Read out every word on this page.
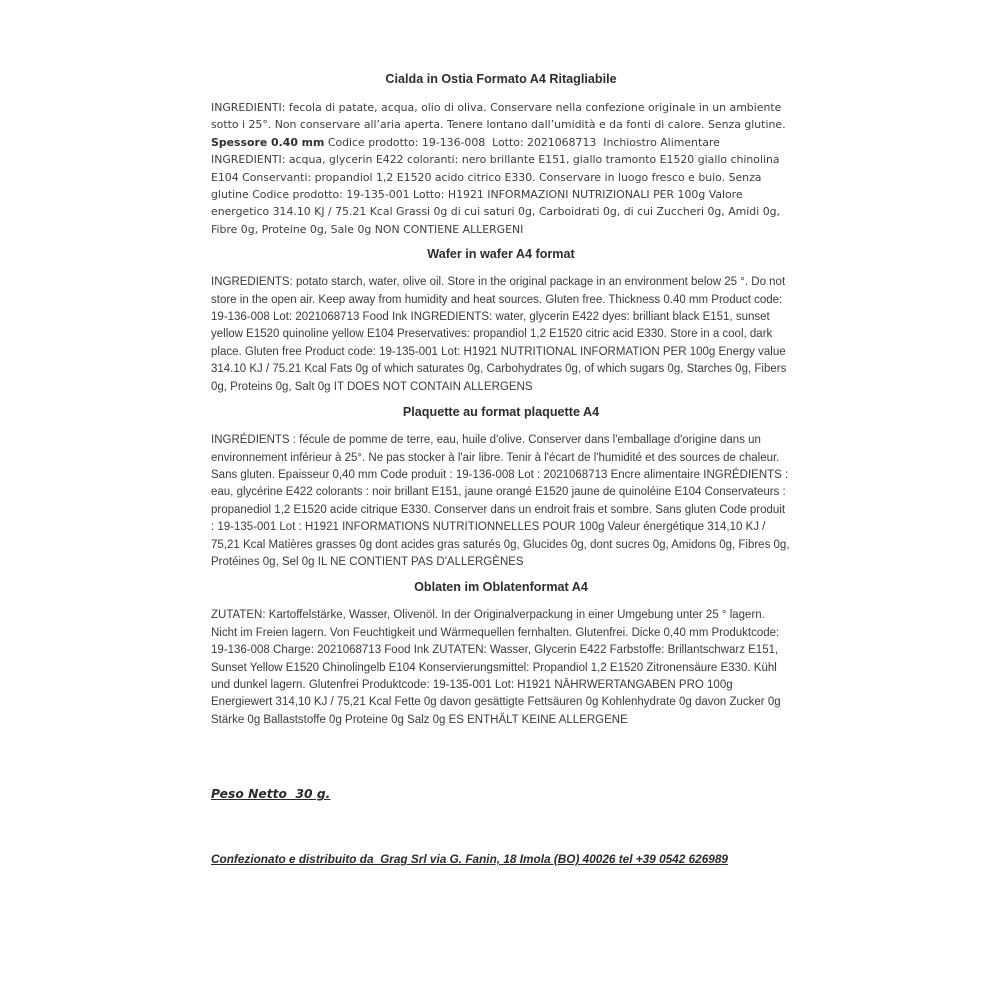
Cialda in Ostia Formato A4 Ritagliabile

INGREDIENTI: fecola di patate, acqua, olio di oliva. Conservare nella confezione originale in un ambiente sotto i 25°. Non conservare all’aria aperta. Tenere lontano dall’umidità e da fonti di calore. Senza glutine. Spessore 0.40 mm Codice prodotto: 19-136-008  Lotto: 2021068713  Inchiostro Alimentare INGREDIENTI: acqua, glycerin E422 coloranti: nero brillante E151, giallo tramonto E1520 giallo chinolina E104 Conservanti: propandiol 1,2 E1520 acido citrico E330. Conservare in luogo fresco e buio. Senza glutine Codice prodotto: 19-135-001 Lotto: H1921 INFORMAZIONI NUTRIZIONALI PER 100g Valore energetico 314.10 KJ / 75.21 Kcal Grassi 0g di cui saturi 0g, Carboidrati 0g, di cui Zuccheri 0g, Amidi 0g, Fibre 0g, Proteine 0g, Sale 0g NON CONTIENE ALLERGENI

Wafer in wafer A4 format

INGREDIENTS: potato starch, water, olive oil. Store in the original package in an environment below 25 °. Do not store in the open air. Keep away from humidity and heat sources. Gluten free. Thickness 0.40 mm Product code: 19-136-008 Lot: 2021068713 Food Ink INGREDIENTS: water, glycerin E422 dyes: brilliant black E151, sunset yellow E1520 quinoline yellow E104 Preservatives: propandiol 1,2 E1520 citric acid E330. Store in a cool, dark place. Gluten free Product code: 19-135-001 Lot: H1921 NUTRITIONAL INFORMATION PER 100g Energy value 314.10 KJ / 75.21 Kcal Fats 0g of which saturates 0g, Carbohydrates 0g, of which sugars 0g, Starches 0g, Fibers 0g, Proteins 0g, Salt 0g IT DOES NOT CONTAIN ALLERGENS

Plaquette au format plaquette A4

INGRÉDIENTS : fécule de pomme de terre, eau, huile d'olive. Conserver dans l'emballage d'origine dans un environnement inférieur à 25°. Ne pas stocker à l'air libre. Tenir à l'écart de l'humidité et des sources de chaleur. Sans gluten. Epaisseur 0,40 mm Code produit : 19-136-008 Lot : 2021068713 Encre alimentaire INGRÉDIENTS : eau, glycérine E422 colorants : noir brillant E151, jaune orangé E1520 jaune de quinoléine E104 Conservateurs : propanediol 1,2 E1520 acide citrique E330. Conserver dans un endroit frais et sombre. Sans gluten Code produit : 19-135-001 Lot : H1921 INFORMATIONS NUTRITIONNELLES POUR 100g Valeur énergétique 314,10 KJ / 75,21 Kcal Matières grasses 0g dont acides gras saturés 0g, Glucides 0g, dont sucres 0g, Amidons 0g, Fibres 0g, Protéines 0g, Sel 0g IL NE CONTIENT PAS D'ALLERGÈNES

Oblaten im Oblatenformat A4

ZUTATEN: Kartoffelstärke, Wasser, Olivenöl. In der Originalverpackung in einer Umgebung unter 25 ° lagern. Nicht im Freien lagern. Von Feuchtigkeit und Wärmequellen fernhalten. Glutenfrei. Dicke 0,40 mm Produktcode: 19-136-008 Charge: 2021068713 Food Ink ZUTATEN: Wasser, Glycerin E422 Farbstoffe: Brillantschwarz E151, Sunset Yellow E1520 Chinolingelb E104 Konservierungsmittel: Propandiol 1,2 E1520 Zitronensäure E330. Kühl und dunkel lagern. Glutenfrei Produktcode: 19-135-001 Lot: H1921 NÄHRWERTANGABEN PRO 100g Energiewert 314,10 KJ / 75,21 Kcal Fette 0g davon gesättigte Fettsäuren 0g Kohlenhydrate 0g davon Zucker 0g Stärke 0g Ballaststoffe 0g Proteine 0g Salz 0g ES ENTHÄLT KEINE ALLERGENE

Peso Netto  30 g.

Confezionato e distribuito da  Grag Srl via G. Fanin, 18 Imola (BO) 40026 tel +39 0542 626989
